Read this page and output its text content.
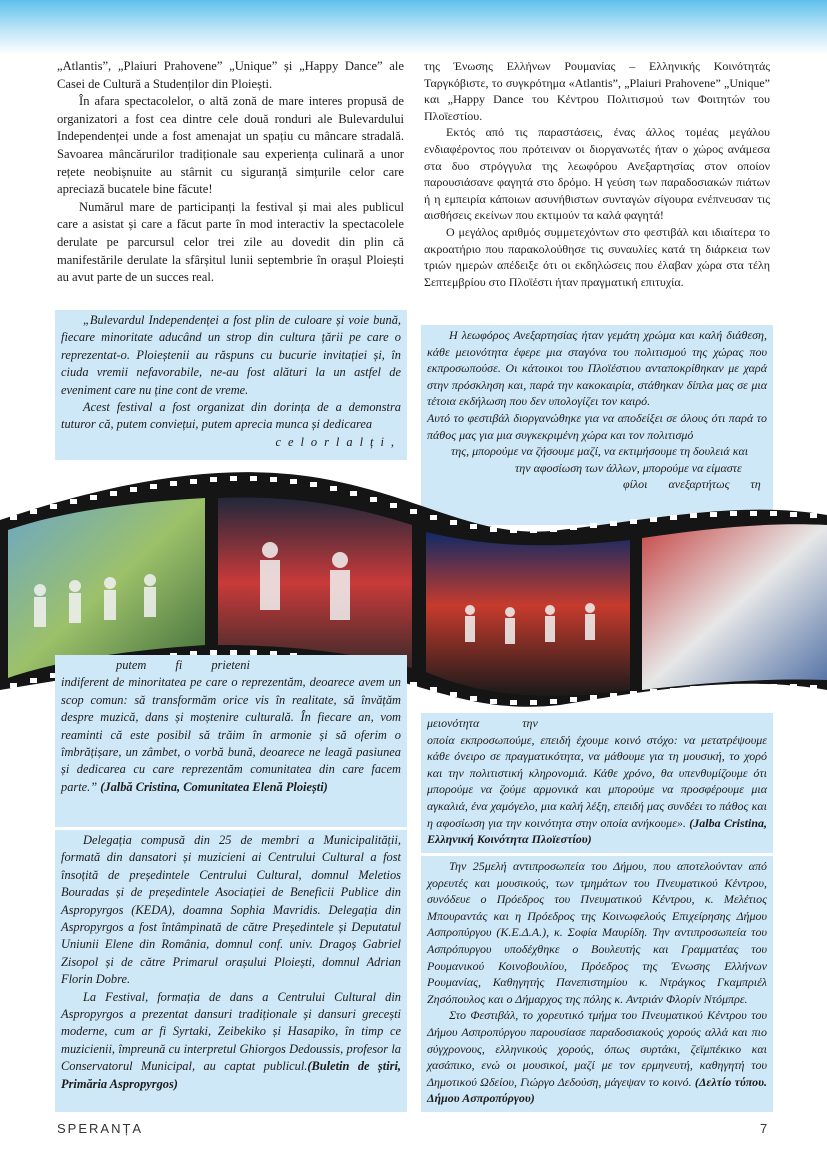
„Atlantis”, „Plaiuri Prahovene” „Unique” și „Happy Dance” ale Casei de Cultură a Studenților din Ploiești.

În afara spectacolelor, o altă zonă de mare interes propusă de organizatori a fost cea dintre cele două ronduri ale Bulevardului Independenței unde a fost amenajat un spațiu cu mâncare stradală. Savoarea mâncărurilor tradiționale sau experiența culinară a unor rețete neobișnuite au stârnit cu siguranță simțurile celor care apreciază bucatele bine făcute!

Numărul mare de participanți la festival și mai ales publicul care a asistat și care a făcut parte în mod interactiv la spectacolele derulate pe parcursul celor trei zile au dovedit din plin că manifestările derulate la sfârșitul lunii septembrie în orașul Ploiești au avut parte de un succes real.

„Bulevardul Independenței a fost plin de culoare și voie bună, fiecare minoritate aducând un strop din cultura țării pe care o reprezentat-o. Ploieștenii au răspuns cu bucurie invitației și, în ciuda vremii nefavorabile, ne-au fost alături la un astfel de eveniment care nu ține cont de vreme.

Acest festival a fost organizat din dorința de a demonstra tuturor că, putem conviețui, putem aprecia munca și dedicarea

celorlalți,

της Ένωσης Ελλήνων Ρουμανίας – Ελληνικής Κοινότητάς Ταργκόβιστε, το συγκρότημα «Atlantis”, „Plaiuri Prahovene” „Unique” και „Happy Dance του Κέντρου Πολιτισμού των Φοιτητών του Πλοϊεστίου.

Εκτός από τις παραστάσεις, ένας άλλος τομέας μεγάλου ενδιαφέροντος που πρότειναν οι διοργανωτές ήταν ο χώρος ανάμεσα στα δυο στρόγγυλα της λεωφόρου Ανεξαρτησίας στον οποίον παρουσιάσανε φαγητά στο δρόμο. Η γεύση των παραδοσιακών πιάτων ή η εμπειρία κάποιων ασυνήθιστων συνταγών σίγουρα ενέπνευσαν τις αισθήσεις εκείνων που εκτιμούν τα καλά φαγητά!

Ο μεγάλος αριθμός συμμετεχόντων στο φεστιβάλ και ιδιαίτερα το ακροατήριο που παρακολούθησε τις συναυλίες κατά τη διάρκεια των τριών ημερών απέδειξε ότι οι εκδηλώσεις που έλαβαν χώρα στα τέλη Σεπτεμβρίου στο Πλοϊέστι ήταν πραγματική επιτυχία.

Η λεωφόρος Ανεξαρτησίας ήταν γεμάτη χρώμα και καλή διάθεση, κάθε μειονότητα έφερε μια σταγόνα του πολιτισμού της χώρας που εκπροσωπούσε. Οι κάτοικοι του Πλοϊέστιου ανταποκρίθηκαν με χαρά στην πρόσκληση και, παρά την κακοκαιρία, στάθηκαν δίπλα μας σε μια τέτοια εκδήλωση που δεν υπολογίζει τον καιρό.

Αυτό το φεστιβάλ διοργανώθηκε για να αποδείξει σε όλους ότι παρά το πάθος μας για μια συγκεκριμένη χώρα και τον πολιτισμό

της, μπορούμε να ζήσουμε μαζί, να εκτιμήσουμε τη δουλειά και
την αφοσίωση των άλλων, μπορούμε να είμαστε
φίλοι ανεξαρτήτως τη
putem fi prieteni

indiferent de minoritatea pe care o reprezentăm, deoarece avem un scop comun: să transformăm orice vis în realitate, să învățăm despre muzică, dans și moștenire culturală. În fiecare an, vom reaminti că este posibil să trăim în armonie și să oferim o îmbrățișare, un zâmbet, o vorbă bună, deoarece ne leagă pasiunea și dedicarea cu care reprezentăm comunitatea din care facem parte.” (Jalbă Cristina, Comunitatea Elenă Ploiești)

Delegația compusă din 25 de membri a Municipalității, formată din dansatori și muzicieni ai Centrului Cultural a fost însoțită de președintele Centrului Cultural, domnul Meletios Bouradas și de președintele Asociației de Beneficii Publice din Aspropyrgos (KEDA), doamna Sophia Mavridis. Delegația din Aspropyrgos a fost întâmpinată de către Președintele și Deputatul Uniunii Elene din România, domnul conf. univ. Dragoș Gabriel Zisopol și de către Primarul orașului Ploiești, domnul Adrian Florin Dobre.

La Festival, formația de dans a Centrului Cultural din Aspropyrgos a prezentat dansuri tradiționale și dansuri grecești moderne, cum ar fi Syrtaki, Zeibekiko și Hasapiko, în timp ce muzicienii, împreună cu interpretul Ghiorgos Dedoussis, profesor la Conservatorul Municipal, au captat publicul.(Buletin de știri, Primăria Aspropyrgos)

μειονότητα την

οποία εκπροσωπούμε, επειδή έχουμε κοινό στόχο: να μετατρέψουμε κάθε όνειρο σε πραγματικότητα, να μάθουμε για τη μουσική, το χορό και την πολιτιστική κληρονομιά. Κάθε χρόνο, θα υπενθυμίζουμε ότι μπορούμε να ζούμε αρμονικά και μπορούμε να προσφέρουμε μια αγκαλιά, ένα χαμόγελο, μια καλή λέξη, επειδή μας συνδέει το πάθος και η αφοσίωση για την κοινότητα στην οποία ανήκουμε». (Jalba Cristina, Ελληνική Κοινότητα Πλοϊεστίου)

Την 25μελή αντιπροσωπεία του Δήμου, που αποτελούνταν από χορευτές και μουσικούς, των τμημάτων του Πνευματικού Κέντρου, συνόδευε ο Πρόεδρος του Πνευματικού Κέντρου, κ. Μελέτιος Μπουραντάς και η Πρόεδρος της Κοινωφελούς Επιχείρησης Δήμου Ασπροπύργου (Κ.Ε.Δ.Α.), κ. Σοφία Μαυρίδη. Την αντιπροσωπεία του Ασπρόπυργου υποδέχθηκε ο Βουλευτής και Γραμματέας του Ρουμανικού Κοινοβουλίου, Πρόεδρος της Ένωσης Ελλήνων Ρουμανίας, Καθηγητής Πανεπιστημίου κ. Ντράγκος Γκαμπριέλ Ζησόπουλος και ο Δήμαρχος της πόλης κ. Αντριάν Φλορίν Ντόμπρε.

Στο Φεστιβάλ, το χορευτικό τμήμα του Πνευματικού Κέντρου του Δήμου Ασπροπύργου παρουσίασε παραδοσιακούς χορούς αλλά και πιο σύγχρονους, ελληνικούς χορούς, όπως συρτάκι, ζεϊμπέκικο και χασάπικο, ενώ οι μουσικοί, μαζί με τον ερμηνευτή, καθηγητή του Δημοτικού Ωδείου, Γιώργο Δεδούση, μάγεψαν το κοινό. (Δελτίο τύπου. Δήμου Ασπροπύργου)

SPERANȚA	7
